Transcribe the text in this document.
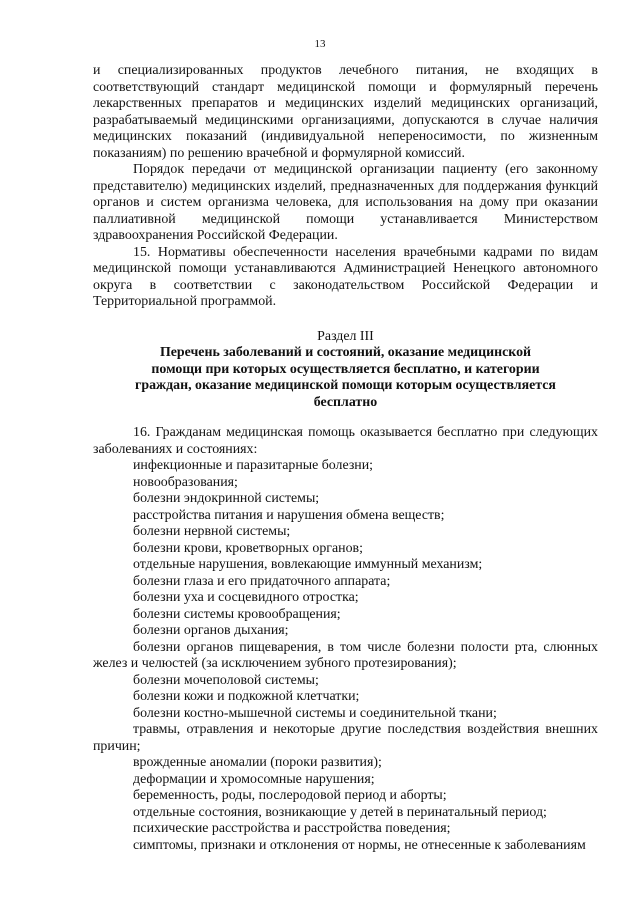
13

и специализированных продуктов лечебного питания, не входящих в соответствующий стандарт медицинской помощи и формулярный перечень лекарственных препаратов и медицинских изделий медицинских организаций, разрабатываемый медицинскими организациями, допускаются в случае наличия медицинских показаний (индивидуальной непереносимости, по жизненным показаниям) по решению врачебной и формулярной комиссий.

Порядок передачи от медицинской организации пациенту (его законному представителю) медицинских изделий, предназначенных для поддержания функций органов и систем организма человека, для использования на дому при оказании паллиативной медицинской помощи устанавливается Министерством здравоохранения Российской Федерации.

15. Нормативы обеспеченности населения врачебными кадрами по видам медицинской помощи устанавливаются Администрацией Ненецкого автономного округа в соответствии с законодательством Российской Федерации и Территориальной программой.

Раздел III
Перечень заболеваний и состояний, оказание медицинской помощи при которых осуществляется бесплатно, и категории граждан, оказание медицинской помощи которым осуществляется бесплатно

16. Гражданам медицинская помощь оказывается бесплатно при следующих заболеваниях и состояниях:

инфекционные и паразитарные болезни;

новообразования;

болезни эндокринной системы;

расстройства питания и нарушения обмена веществ;

болезни нервной системы;

болезни крови, кроветворных органов;

отдельные нарушения, вовлекающие иммунный механизм;

болезни глаза и его придаточного аппарата;

болезни уха и сосцевидного отростка;

болезни системы кровообращения;

болезни органов дыхания;

болезни органов пищеварения, в том числе болезни полости рта, слюнных желез и челюстей (за исключением зубного протезирования);

болезни мочеполовой системы;

болезни кожи и подкожной клетчатки;

болезни костно-мышечной системы и соединительной ткани;

травмы, отравления и некоторые другие последствия воздействия внешних причин;

врожденные аномалии (пороки развития);

деформации и хромосомные нарушения;

беременность, роды, послеродовой период и аборты;

отдельные состояния, возникающие у детей в перинатальный период;

психические расстройства и расстройства поведения;

симптомы, признаки и отклонения от нормы, не отнесенные к заболеваниям
